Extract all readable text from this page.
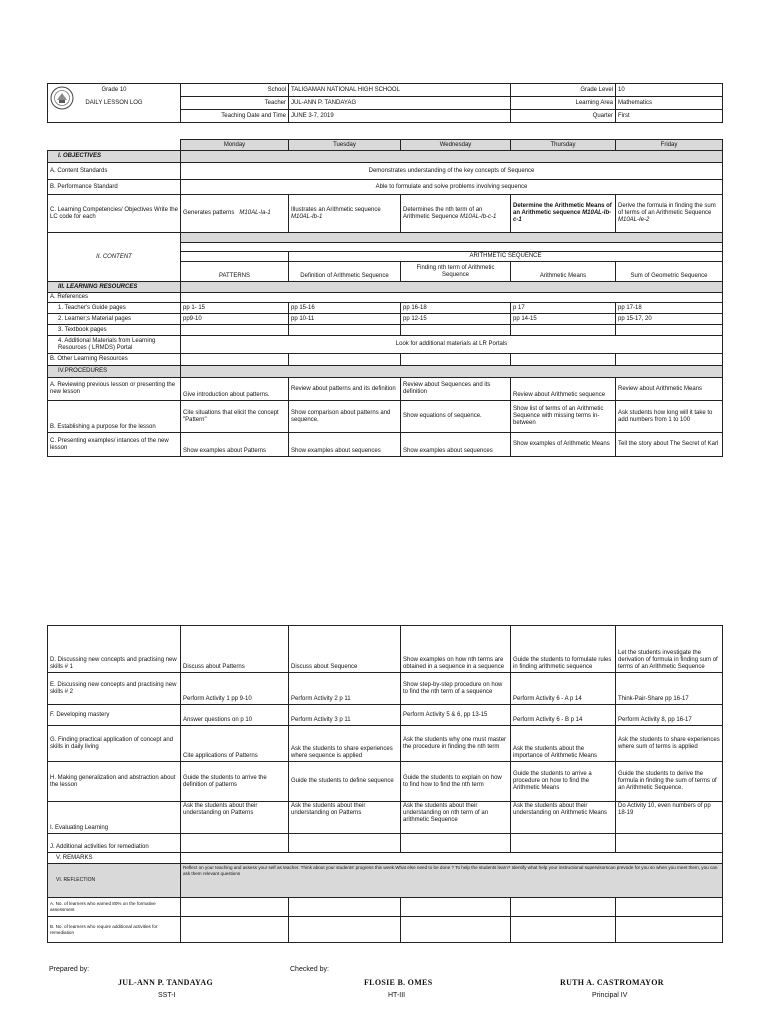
Grade 10	School	TALIGAMAN NATIONAL HIGH SCHOOL	Grade Level	10
DAILY LESSON LOG	Teacher	JUL-ANN P. TANDAYAG	Learning Area	Mathematics
	Teaching Date and Time	JUNE 3-7, 2019	Quarter	First
	Monday	Tuesday	Wednesday	Thursday	Friday
I. OBJECTIVES					
A. Content Standards	Demonstrates understanding of the key concepts of Sequence				
B. Performance Standard	Able to formulate and solve problems involving sequence				
C. Learning Competencies/ Objectives Write the LC code for each	Generates patterns M10AL-Ia-1	Illustrates an Arithmetic sequence M10AL-Ib-1	Determines the nth term of an Arithmetic Sequence M10AL-Ib-c-1	Determine the Arithmetic Means of an Arithmetic sequence M10AL-Ib-c-1	Derive the formula in finding the sum of terms of an Arithmetic Sequence M10AL-Ie-2
II. CONTENT					

		ARITHMETIC SEQUENCE			
	PATTERNS	Definition of Arithmetic Sequence	Finding nth term of Arithmetic Sequence	Arithmetic Means	Sum of Geometric Sequence
III. LEARNING RESOURCES					
A. References					
1. Teacher's Guide pages	pp 1- 15	pp 15-16	pp 16-18	p 17	pp 17-18
2. Learner;s Material pages	pp9-10	pp 10-11	pp 12-15	pp 14-15	pp 15-17, 20
3. Textbook pages					
4. Additional Materials from Learning Resources ( LRMDS) Portal	Look for additional materials at LR Portals				
B. Other Learning Resources					
IV.PROCEDURES					
A. Reviewing previous lesson or presenting the new lesson	Give introduction about patterns.	Review about patterns and its definition	Review about Sequences and its definition	Review about Arithmetic sequence	Review about Arithmetic Means
B. Establishing a purpose for the lesson	Cite situations that elicit the concept "Pattern"	Show comparison about patterns and sequence.	Show equations of sequence.	Show list of terms of an Arithmetic Sequence with missing terms in-between	Ask students how long will it take to add numbers from 1 to 100
C. Presenting examples/ intances of the new lesson	Show examples about Patterns	Show examples about sequences	Show examples about sequences	Show examples of Arithmetic Means	Tell the story about The Secret of Karl
D. Discussing new concepts and practising new skills # 1	Discuss about Patterns	Discuss about Sequence	Show examples on how nth terms are obtained in a sequence in a sequence	Guide the students to formulate rules in finding arithmetic sequence	Let the students investigate the derivation of formula in finding sum of terms of an Arithmetic Sequence
E. Discussing new concepts and practising new skills # 2	Perform Activity 1 pp 9-10	Perform Activity 2 p 11	Show step-by-step procedure on how to find the nth term of a sequence	Perform Activity 6 - A p 14	Think-Pair-Share pp 16-17
F. Developing mastery	Answer questions on p 10	Perform Activity 3 p 11	Perform Activity 5 & 6, pp 13-15	Perform Activity 6 - B p 14	Perform Activity 8, pp 16-17
G. Finding practical application of concept and skills in daily living	Cite applications of Patterns	Ask the students to share experiences where sequence is applied	Ask the students why one must master the procedure in finding the nth term	Ask the students about the importance of Arithmetic Means	Ask the students to share experiences where sum of terms is applied
H. Making generalization and abstraction about the lesson	Guide the students to arrive the definition of patterns	Guide the students to define sequence	Guide the students to explain on how to find how to find the nth term	Guide the students to arrive a procedure on how to find the Arithmetic Means	Guide the students to derive the formula in finding the sum of terms of an Arithmetic Sequence.
I. Evaluating Learning	Ask the students about their understanding on Patterns	Ask the students about their understanding on Patterns	Ask the students about their understanding on nth term of an arithmetic Sequence	Ask the students about their understanding on Arithmetic Means	Do Activity 10, even numbers of pp 18-19
J. Additional activities for remediation					
V. REMARKS					
VI. REFLECTION	Reflect on your teaching and assess your self as teacher. Think about your students' progress this week.What else need to be done ? To help the students learn? Identify what help your instructional supervisorscan prevode for you so when you meet them, you can ask them relevant questions				
A. No. of learners who earned 80% on the formative assessment					
B. No. of learners who require additional activities for remediation					
Prepared by:	Checked by:
JUL-ANN P. TANDAYAG
SST-I
FLOSIE B. OMES
HT-III
RUTH A. CASTROMAYOR
Principal IV
